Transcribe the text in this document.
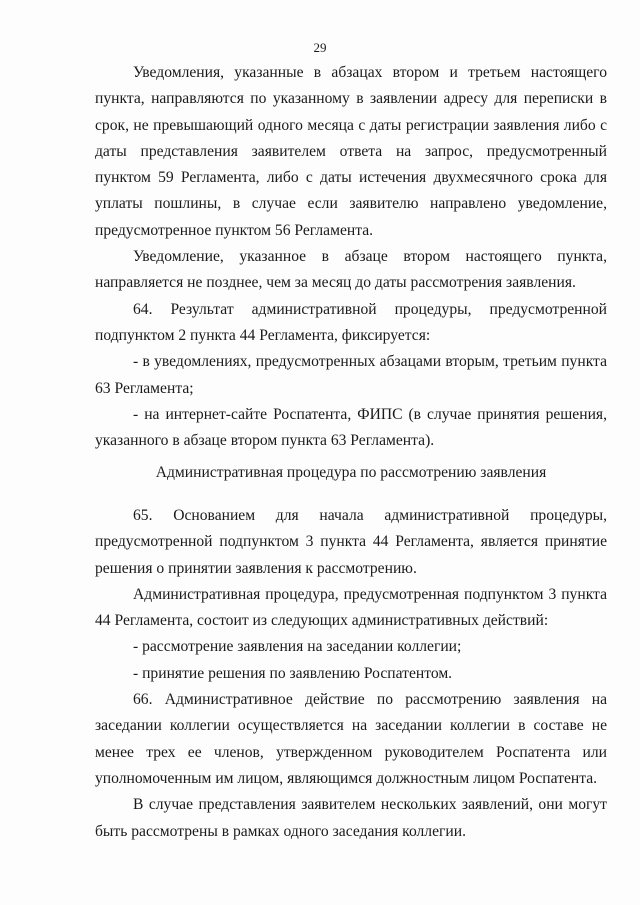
29

Уведомления, указанные в абзацах втором и третьем настоящего пункта, направляются по указанному в заявлении адресу для переписки в срок, не превышающий одного месяца с даты регистрации заявления либо с даты представления заявителем ответа на запрос, предусмотренный пунктом 59 Регламента, либо с даты истечения двухмесячного срока для уплаты пошлины, в случае если заявителю направлено уведомление, предусмотренное пунктом 56 Регламента.

Уведомление, указанное в абзаце втором настоящего пункта, направляется не позднее, чем за месяц до даты рассмотрения заявления.

64. Результат административной процедуры, предусмотренной подпунктом 2 пункта 44 Регламента, фиксируется:

- в уведомлениях, предусмотренных абзацами вторым, третьим пункта 63 Регламента;

- на интернет-сайте Роспатента, ФИПС (в случае принятия решения, указанного в абзаце втором пункта 63 Регламента).

Административная процедура по рассмотрению заявления

65. Основанием для начала административной процедуры, предусмотренной подпунктом 3 пункта 44 Регламента, является принятие решения о принятии заявления к рассмотрению.

Административная процедура, предусмотренная подпунктом 3 пункта 44 Регламента, состоит из следующих административных действий:

- рассмотрение заявления на заседании коллегии;

- принятие решения по заявлению Роспатентом.

66. Административное действие по рассмотрению заявления на заседании коллегии осуществляется на заседании коллегии в составе не менее трех ее членов, утвержденном руководителем Роспатента или уполномоченным им лицом, являющимся должностным лицом Роспатента.

В случае представления заявителем нескольких заявлений, они могут быть рассмотрены в рамках одного заседания коллегии.
